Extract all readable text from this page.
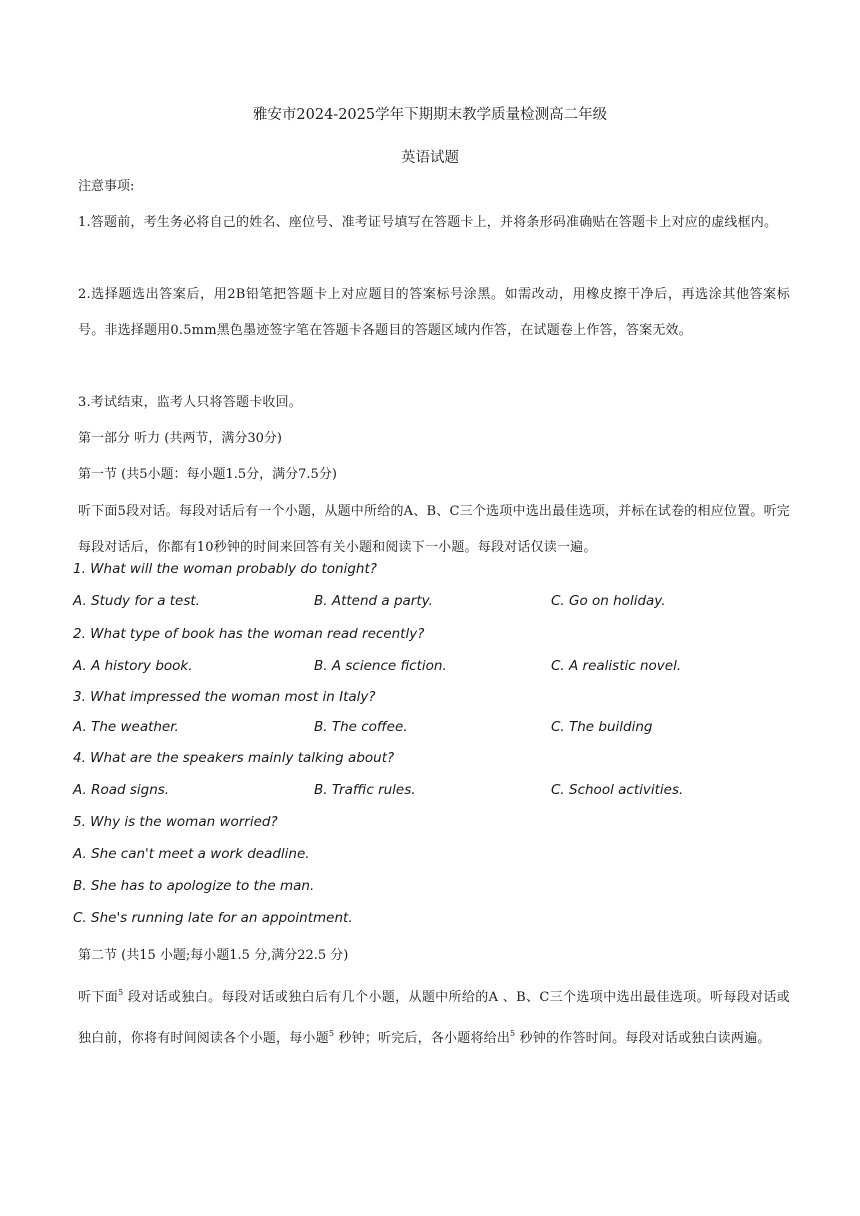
雅安市2024-2025学年下期期末教学质量检测高二年级
英语试题
注意事项:
1.答题前，考生务必将自己的姓名、座位号、准考证号填写在答题卡上，并将条形码准确贴在答题卡上对应的虚线框内。
2.选择题选出答案后，用2B铅笔把答题卡上对应题目的答案标号涂黑。如需改动，用橡皮擦干净后，再选涂其他答案标号。非选择题用0.5mm黑色墨迹签字笔在答题卡各题目的答题区域内作答，在试题卷上作答，答案无效。
3.考试结束，监考人只将答题卡收回。
第一部分 听力 (共两节，满分30分)
第一节 (共5小题：每小题1.5分，满分7.5分)
听下面5段对话。每段对话后有一个小题，从题中所给的A、B、C三个选项中选出最佳选项，并标在试卷的相应位置。听完每段对话后，你都有10秒钟的时间来回答有关小题和阅读下一小题。每段对话仅读一遍。
1. What will the woman probably do tonight?
A. Study for a test.	B. Attend a party.	C. Go on holiday.
2. What type of book has the woman read recently?
A. A history book.	B. A science fiction.	C. A realistic novel.
3. What impressed the woman most in Italy?
A. The weather.	B. The coffee.	C. The building
4. What are the speakers mainly talking about?
A. Road signs.	B. Traffic rules.	C. School activities.
5. Why is the woman worried?
A. She can't meet a work deadline.
B. She has to apologize to the man.
C. She's running late for an appointment.
第二节 (共15 小题;每小题1.5 分,满分22.5 分)
听下面$^5$ 段对话或独白。每段对话或独白后有几个小题，从题中所给的A 、B、C三个选项中选出最佳选项。听每段对话或独白前，你将有时间阅读各个小题，每小题$^5$ 秒钟；听完后，各小题将给出$^5$ 秒钟的作答时间。每段对话或独白读两遍。
